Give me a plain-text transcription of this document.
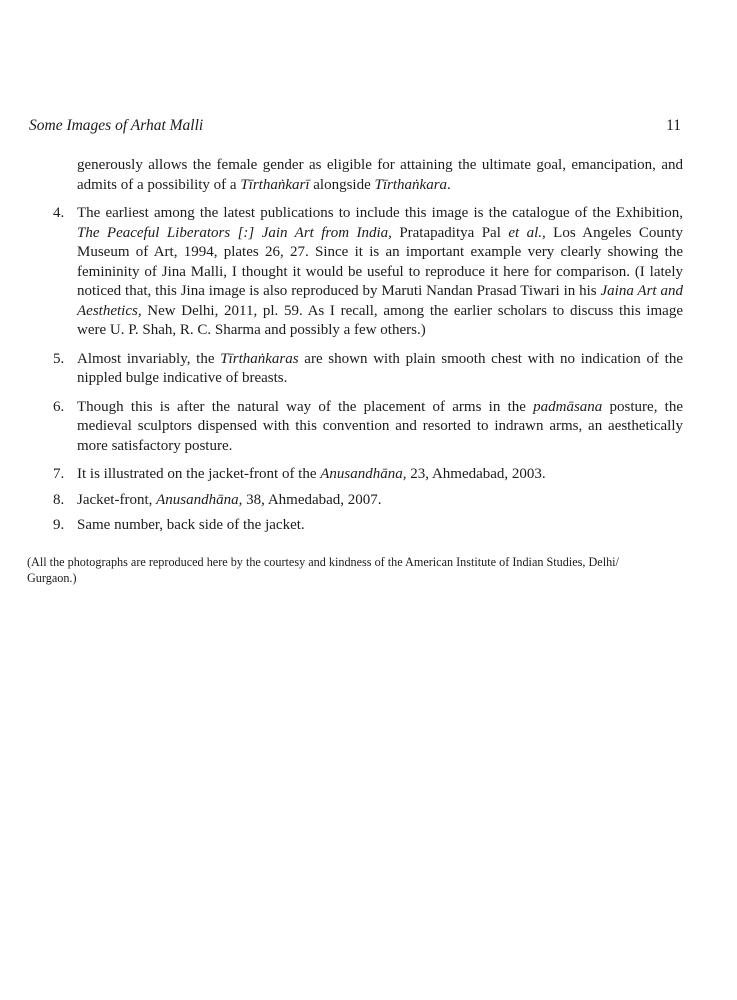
Some Images of Arhat Malli	11

generously allows the female gender as eligible for attaining the ultimate goal, emancipation, and admits of a possibility of a Tīrthaṅkarī alongside Tīrthaṅkara.

4. The earliest among the latest publications to include this image is the catalogue of the Exhibition, The Peaceful Liberators [:] Jain Art from India, Pratapaditya Pal et al., Los Angeles County Museum of Art, 1994, plates 26, 27. Since it is an important example very clearly showing the femininity of Jina Malli, I thought it would be useful to reproduce it here for comparison. (I lately noticed that, this Jina image is also reproduced by Maruti Nandan Prasad Tiwari in his Jaina Art and Aesthetics, New Delhi, 2011, pl. 59. As I recall, among the earlier scholars to discuss this image were U. P. Shah, R. C. Sharma and possibly a few others.)
5. Almost invariably, the Tīrthaṅkaras are shown with plain smooth chest with no indication of the nippled bulge indicative of breasts.
6. Though this is after the natural way of the placement of arms in the padmāsana posture, the medieval sculptors dispensed with this convention and resorted to indrawn arms, an aesthetically more satisfactory posture.
7. It is illustrated on the jacket-front of the Anusandhāna, 23, Ahmedabad, 2003.
8. Jacket-front, Anusandhāna, 38, Ahmedabad, 2007.
9. Same number, back side of the jacket.

(All the photographs are reproduced here by the courtesy and kindness of the American Institute of Indian Studies, Delhi/ Gurgaon.)
